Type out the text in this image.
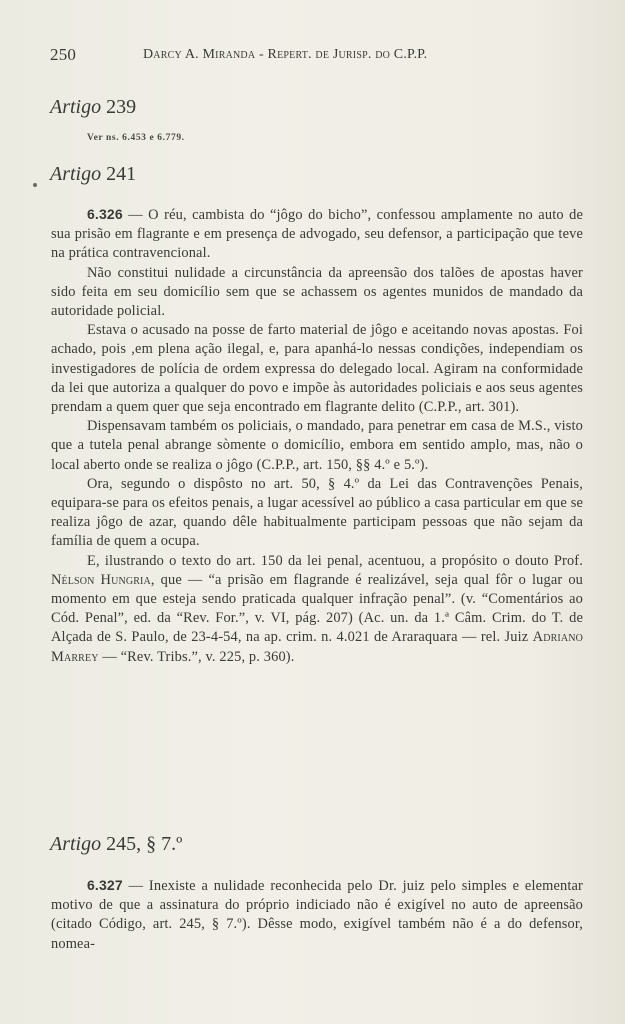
250	Darcy A. Miranda - Repert. de Jurisp. do C.P.P.
Artigo 239
Ver ns. 6.453 e 6.779.
Artigo 241

6.326 — O réu, cambista do “jôgo do bicho”, confessou amplamente no auto de sua prisão em flagrante e em presença de advogado, seu defensor, a participação que teve na prática contravencional.

Não constitui nulidade a circunstância da apreensão dos talões de apostas haver sido feita em seu domicílio sem que se achassem os agentes munidos de mandado da autoridade policial.

Estava o acusado na posse de farto material de jôgo e aceitando novas apostas. Foi achado, pois ,em plena ação ilegal, e, para apanhá-lo nessas condições, independiam os investigadores de polícia de ordem expressa do delegado local. Agiram na conformidade da lei que autoriza a qualquer do povo e impõe às autoridades policiais e aos seus agentes prendam a quem quer que seja encontrado em flagrante delito (C.P.P., art. 301).

Dispensavam também os policiais, o mandado, para penetrar em casa de M.S., visto que a tutela penal abrange sòmente o domicílio, embora em sentido amplo, mas, não o local aberto onde se realiza o jôgo (C.P.P., art. 150, §§ 4.º e 5.º).

Ora, segundo o dispôsto no art. 50, § 4.º da Lei das Contravenções Penais, equipara-se para os efeitos penais, a lugar acessível ao público a casa particular em que se realiza jôgo de azar, quando dêle habitualmente participam pessoas que não sejam da família de quem a ocupa.

E, ilustrando o texto do art. 150 da lei penal, acentuou, a propósito o douto Prof. Nélson Hungria, que — “a prisão em flagrande é realizável, seja qual fôr o lugar ou momento em que esteja sendo praticada qualquer infração penal”. (v. “Comentários ao Cód. Penal”, ed. da “Rev. For.”, v. VI, pág. 207) (Ac. un. da 1.ª Câm. Crim. do T. de Alçada de S. Paulo, de 23-4-54, na ap. crim. n. 4.021 de Araraquara — rel. Juiz Adriano Marrey — “Rev. Tribs.”, v. 225, p. 360).

Artigo 245, § 7.º

6.327 — Inexiste a nulidade reconhecida pelo Dr. juiz pelo simples e elementar motivo de que a assinatura do próprio indiciado não é exigível no auto de apreensão (citado Código, art. 245, § 7.º). Dêsse modo, exigível também não é a do defensor, nomea-
